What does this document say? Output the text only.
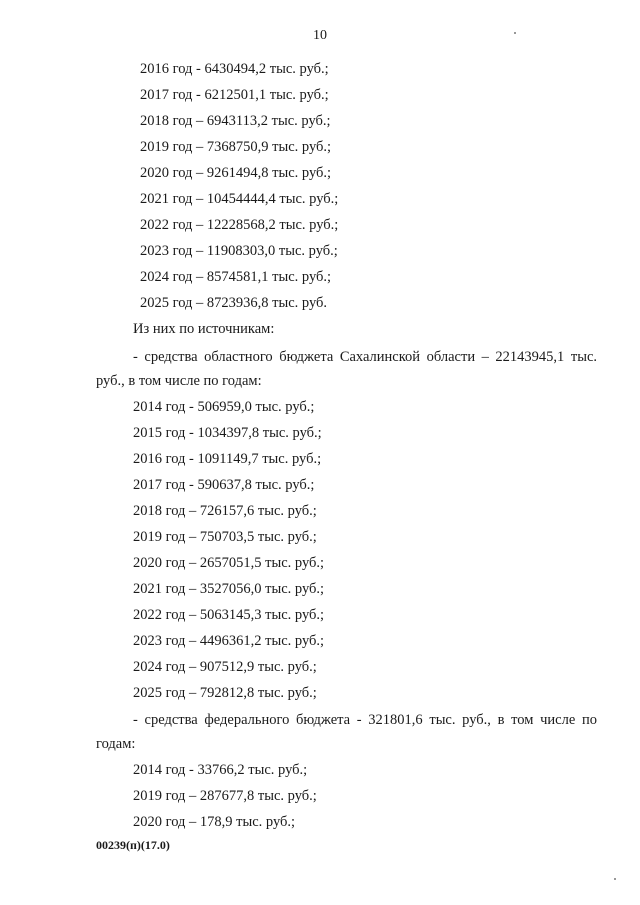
10
2016 год - 6430494,2 тыс. руб.;
2017 год - 6212501,1 тыс. руб.;
2018 год – 6943113,2 тыс. руб.;
2019 год – 7368750,9 тыс. руб.;
2020 год – 9261494,8 тыс. руб.;
2021 год – 10454444,4 тыс. руб.;
2022 год – 12228568,2 тыс. руб.;
2023 год – 11908303,0 тыс. руб.;
2024 год – 8574581,1 тыс. руб.;
2025 год – 8723936,8 тыс. руб.
Из них по источникам:
- средства областного бюджета Сахалинской области – 22143945,1 тыс.
руб., в том числе по годам:
2014 год - 506959,0 тыс. руб.;
2015 год - 1034397,8 тыс. руб.;
2016 год - 1091149,7 тыс. руб.;
2017 год - 590637,8 тыс. руб.;
2018 год – 726157,6 тыс. руб.;
2019 год – 750703,5 тыс. руб.;
2020 год – 2657051,5 тыс. руб.;
2021 год – 3527056,0 тыс. руб.;
2022 год – 5063145,3 тыс. руб.;
2023 год – 4496361,2 тыс. руб.;
2024 год – 907512,9 тыс. руб.;
2025 год – 792812,8 тыс. руб.;
- средства федерального бюджета - 321801,6 тыс. руб., в том числе по
годам:
2014 год - 33766,2 тыс. руб.;
2019 год – 287677,8 тыс. руб.;
2020 год – 178,9 тыс. руб.;
00239(п)(17.0)
